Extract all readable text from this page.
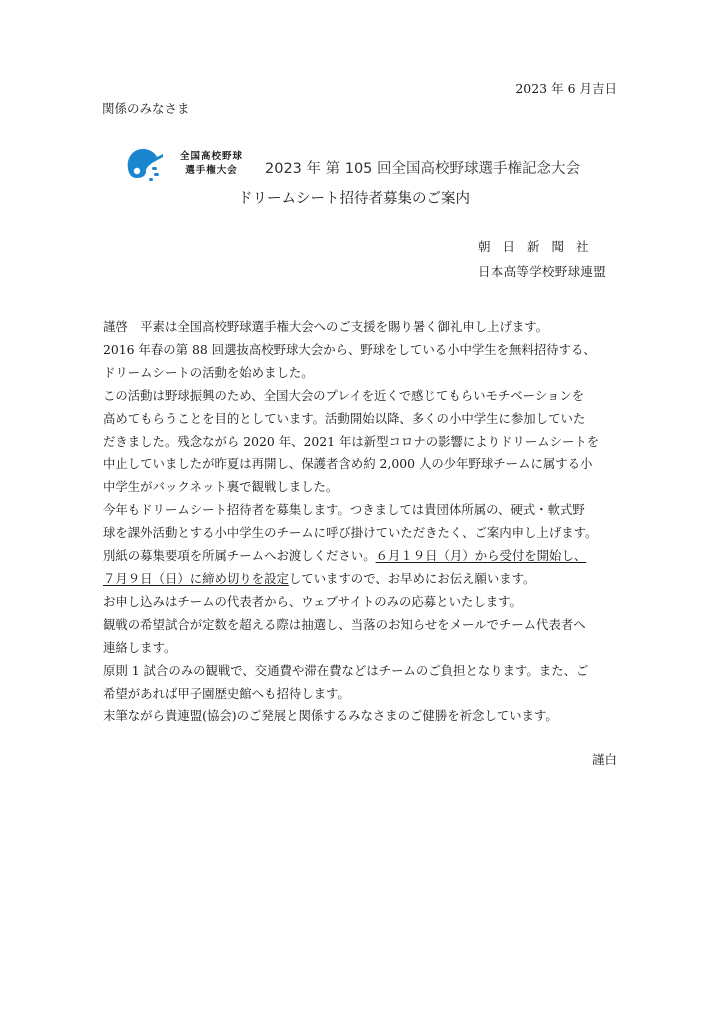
2023 年 6 月吉日
関係のみなさま
全国高校野球
選手権大会	2023 年 第 105 回全国高校野球選手権記念大会
ドリームシート招待者募集のご案内
朝日新聞社
日本高等学校野球連盟
謹啓　平素は全国高校野球選手権大会へのご支援を賜り暑く御礼申し上げます。
2016 年春の第 88 回選抜高校野球大会から、野球をしている小中学生を無料招待する、
ドリームシートの活動を始めました。
この活動は野球振興のため、全国大会のプレイを近くで感じてもらいモチベーションを
高めてもらうことを目的としています。活動開始以降、多くの小中学生に参加していた
だきました。残念ながら 2020 年、2021 年は新型コロナの影響によりドリームシートを
中止していましたが昨夏は再開し、保護者含め約 2,000 人の少年野球チームに属する小
中学生がバックネット裏で観戦しました。
今年もドリームシート招待者を募集します。つきましては貴団体所属の、硬式・軟式野
球を課外活動とする小中学生のチームに呼び掛けていただきたく、ご案内申し上げます。
別紙の募集要項を所属チームへお渡しください。６月１９日（月）から受付を開始し、
７月９日（日）に締め切りを設定していますので、お早めにお伝え願います。
お申し込みはチームの代表者から、ウェブサイトのみの応募といたします。
観戦の希望試合が定数を超える際は抽選し、当落のお知らせをメールでチーム代表者へ
連絡します。
原則 1 試合のみの観戦で、交通費や滞在費などはチームのご負担となります。また、ご
希望があれば甲子園歴史館へも招待します。
末筆ながら貴連盟(協会)のご発展と関係するみなさまのご健勝を祈念しています。
謹白
